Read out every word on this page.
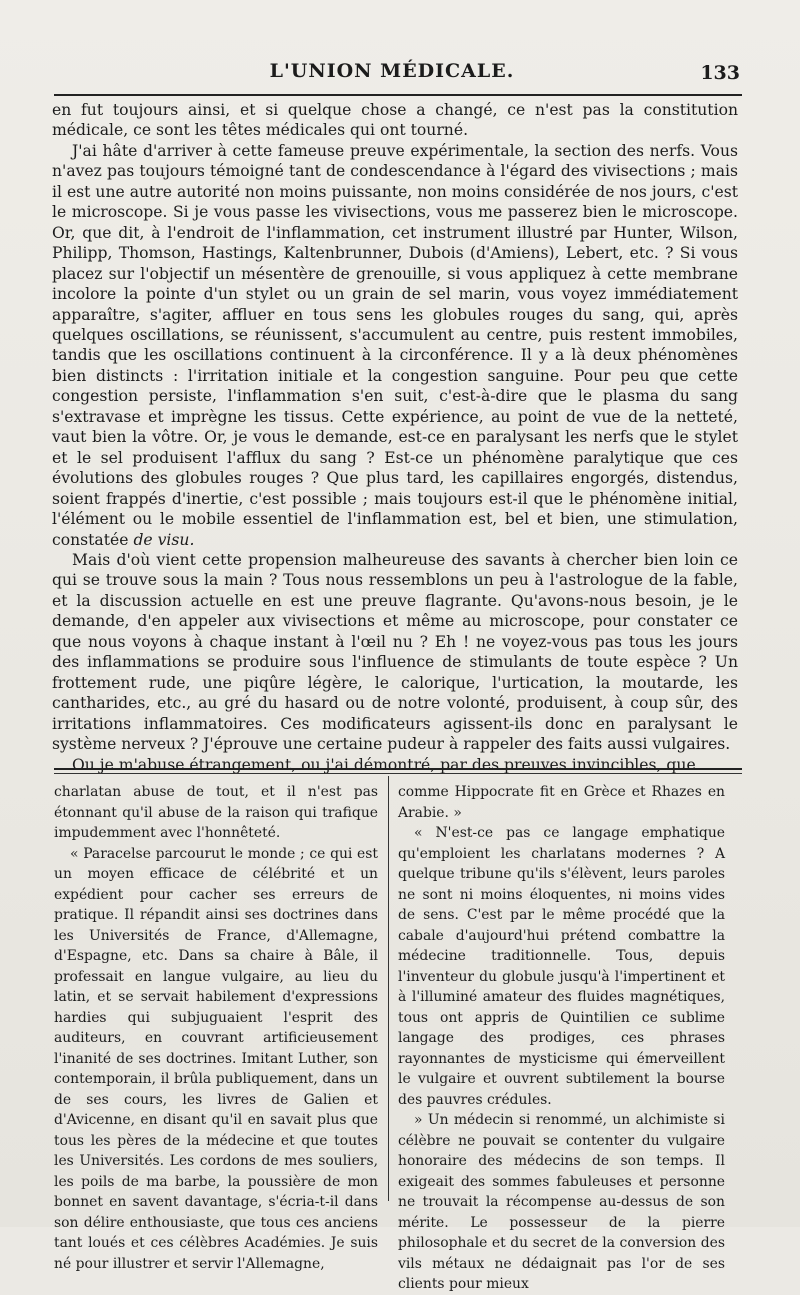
L'UNION MÉDICALE.	133

en fut toujours ainsi, et si quelque chose a changé, ce n'est pas la constitution médicale, ce sont les têtes médicales qui ont tourné.

J'ai hâte d'arriver à cette fameuse preuve expérimentale, la section des nerfs. Vous n'avez pas toujours témoigné tant de condescendance à l'égard des vivisections ; mais il est une autre autorité non moins puissante, non moins considérée de nos jours, c'est le microscope. Si je vous passe les vivisections, vous me passerez bien le microscope. Or, que dit, à l'endroit de l'inflammation, cet instrument illustré par Hunter, Wilson, Philipp, Thomson, Hastings, Kaltenbrunner, Dubois (d'Amiens), Lebert, etc. ? Si vous placez sur l'objectif un mésentère de grenouille, si vous appliquez à cette membrane incolore la pointe d'un stylet ou un grain de sel marin, vous voyez immédiatement apparaître, s'agiter, affluer en tous sens les globules rouges du sang, qui, après quelques oscillations, se réunissent, s'accumulent au centre, puis restent immobiles, tandis que les oscillations continuent à la circonférence. Il y a là deux phénomènes bien distincts : l'irritation initiale et la congestion sanguine. Pour peu que cette congestion persiste, l'inflammation s'en suit, c'est-à-dire que le plasma du sang s'extravase et imprègne les tissus. Cette expérience, au point de vue de la netteté, vaut bien la vôtre. Or, je vous le demande, est-ce en paralysant les nerfs que le stylet et le sel produisent l'afflux du sang ? Est-ce un phénomène paralytique que ces évolutions des globules rouges ? Que plus tard, les capillaires engorgés, distendus, soient frappés d'inertie, c'est possible ; mais toujours est-il que le phénomène initial, l'élément ou le mobile essentiel de l'inflammation est, bel et bien, une stimulation, constatée de visu.

Mais d'où vient cette propension malheureuse des savants à chercher bien loin ce qui se trouve sous la main ? Tous nous ressemblons un peu à l'astrologue de la fable, et la discussion actuelle en est une preuve flagrante. Qu'avons-nous besoin, je le demande, d'en appeler aux vivisections et même au microscope, pour constater ce que nous voyons à chaque instant à l'œil nu ? Eh ! ne voyez-vous pas tous les jours des inflammations se produire sous l'influence de stimulants de toute espèce ? Un frottement rude, une piqûre légère, le calorique, l'urtication, la moutarde, les cantharides, etc., au gré du hasard ou de notre volonté, produisent, à coup sûr, des irritations inflammatoires. Ces modificateurs agissent-ils donc en paralysant le système nerveux ? J'éprouve une certaine pudeur à rappeler des faits aussi vulgaires.

Ou je m'abuse étrangement, ou j'ai démontré, par des preuves invincibles, que

charlatan abuse de tout, et il n'est pas étonnant qu'il abuse de la raison qui trafique impudemment avec l'honnêteté.

« Paracelse parcourut le monde ; ce qui est un moyen efficace de célébrité et un expédient pour cacher ses erreurs de pratique. Il répandit ainsi ses doctrines dans les Universités de France, d'Allemagne, d'Espagne, etc. Dans sa chaire à Bâle, il professait en langue vulgaire, au lieu du latin, et se servait habilement d'expressions hardies qui subjuguaient l'esprit des auditeurs, en couvrant artificieusement l'inanité de ses doctrines. Imitant Luther, son contemporain, il brûla publiquement, dans un de ses cours, les livres de Galien et d'Avicenne, en disant qu'il en savait plus que tous les pères de la médecine et que toutes les Universités. Les cordons de mes souliers, les poils de ma barbe, la poussière de mon bonnet en savent davantage, s'écria-t-il dans son délire enthousiaste, que tous ces anciens tant loués et ces célèbres Académies. Je suis né pour illustrer et servir l'Allemagne,

comme Hippocrate fit en Grèce et Rhazes en Arabie. »

« N'est-ce pas ce langage emphatique qu'emploient les charlatans modernes ? A quelque tribune qu'ils s'élèvent, leurs paroles ne sont ni moins éloquentes, ni moins vides de sens. C'est par le même procédé que la cabale d'aujourd'hui prétend combattre la médecine traditionnelle. Tous, depuis l'inventeur du globule jusqu'à l'impertinent et à l'illuminé amateur des fluides magnétiques, tous ont appris de Quintilien ce sublime langage des prodiges, ces phrases rayonnantes de mysticisme qui émerveillent le vulgaire et ouvrent subtilement la bourse des pauvres crédules.

» Un médecin si renommé, un alchimiste si célèbre ne pouvait se contenter du vulgaire honoraire des médecins de son temps. Il exigeait des sommes fabuleuses et personne ne trouvait la récompense au-dessus de son mérite. Le possesseur de la pierre philosophale et du secret de la conversion des vils métaux ne dédaignait pas l'or de ses clients pour mieux
